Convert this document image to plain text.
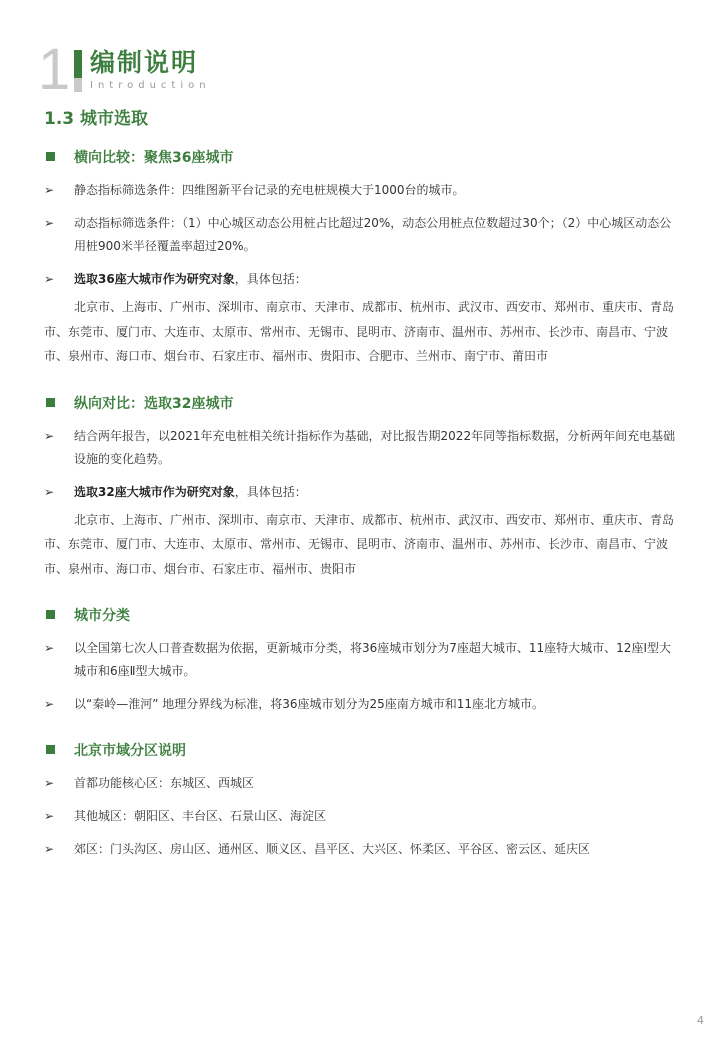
1 编制说明
Introduction
1.3 城市选取
横向比较：聚焦36座城市
➢ 静态指标筛选条件：四维图新平台记录的充电桩规模大于1000台的城市。
➢ 动态指标筛选条件：（1）中心城区动态公用桩占比超过20%，动态公用桩点位数超过30个；（2）中心城区动态公用桩900米半径覆盖率超过20%。
➢ 选取36座大城市作为研究对象，具体包括：
北京市、上海市、广州市、深圳市、南京市、天津市、成都市、杭州市、武汉市、西安市、郑州市、重庆市、青岛市、东莞市、厦门市、大连市、太原市、常州市、无锡市、昆明市、济南市、温州市、苏州市、长沙市、南昌市、宁波市、泉州市、海口市、烟台市、石家庄市、福州市、贵阳市、合肥市、兰州市、南宁市、莆田市
纵向对比：选取32座城市
➢ 结合两年报告，以2021年充电桩相关统计指标作为基础，对比报告期2022年同等指标数据，分析两年间充电基础设施的变化趋势。
➢ 选取32座大城市作为研究对象，具体包括：
北京市、上海市、广州市、深圳市、南京市、天津市、成都市、杭州市、武汉市、西安市、郑州市、重庆市、青岛市、东莞市、厦门市、大连市、太原市、常州市、无锡市、昆明市、济南市、温州市、苏州市、长沙市、南昌市、宁波市、泉州市、海口市、烟台市、石家庄市、福州市、贵阳市
城市分类
➢ 以全国第七次人口普查数据为依据，更新城市分类，将36座城市划分为7座超大城市、11座特大城市、12座Ⅰ型大城市和6座Ⅱ型大城市。
➢ 以“秦岭—淮河” 地理分界线为标准，将36座城市划分为25座南方城市和11座北方城市。
北京市域分区说明
➢ 首都功能核心区：东城区、西城区
➢ 其他城区：朝阳区、丰台区、石景山区、海淀区
➢ 郊区：门头沟区、房山区、通州区、顺义区、昌平区、大兴区、怀柔区、平谷区、密云区、延庆区
4
